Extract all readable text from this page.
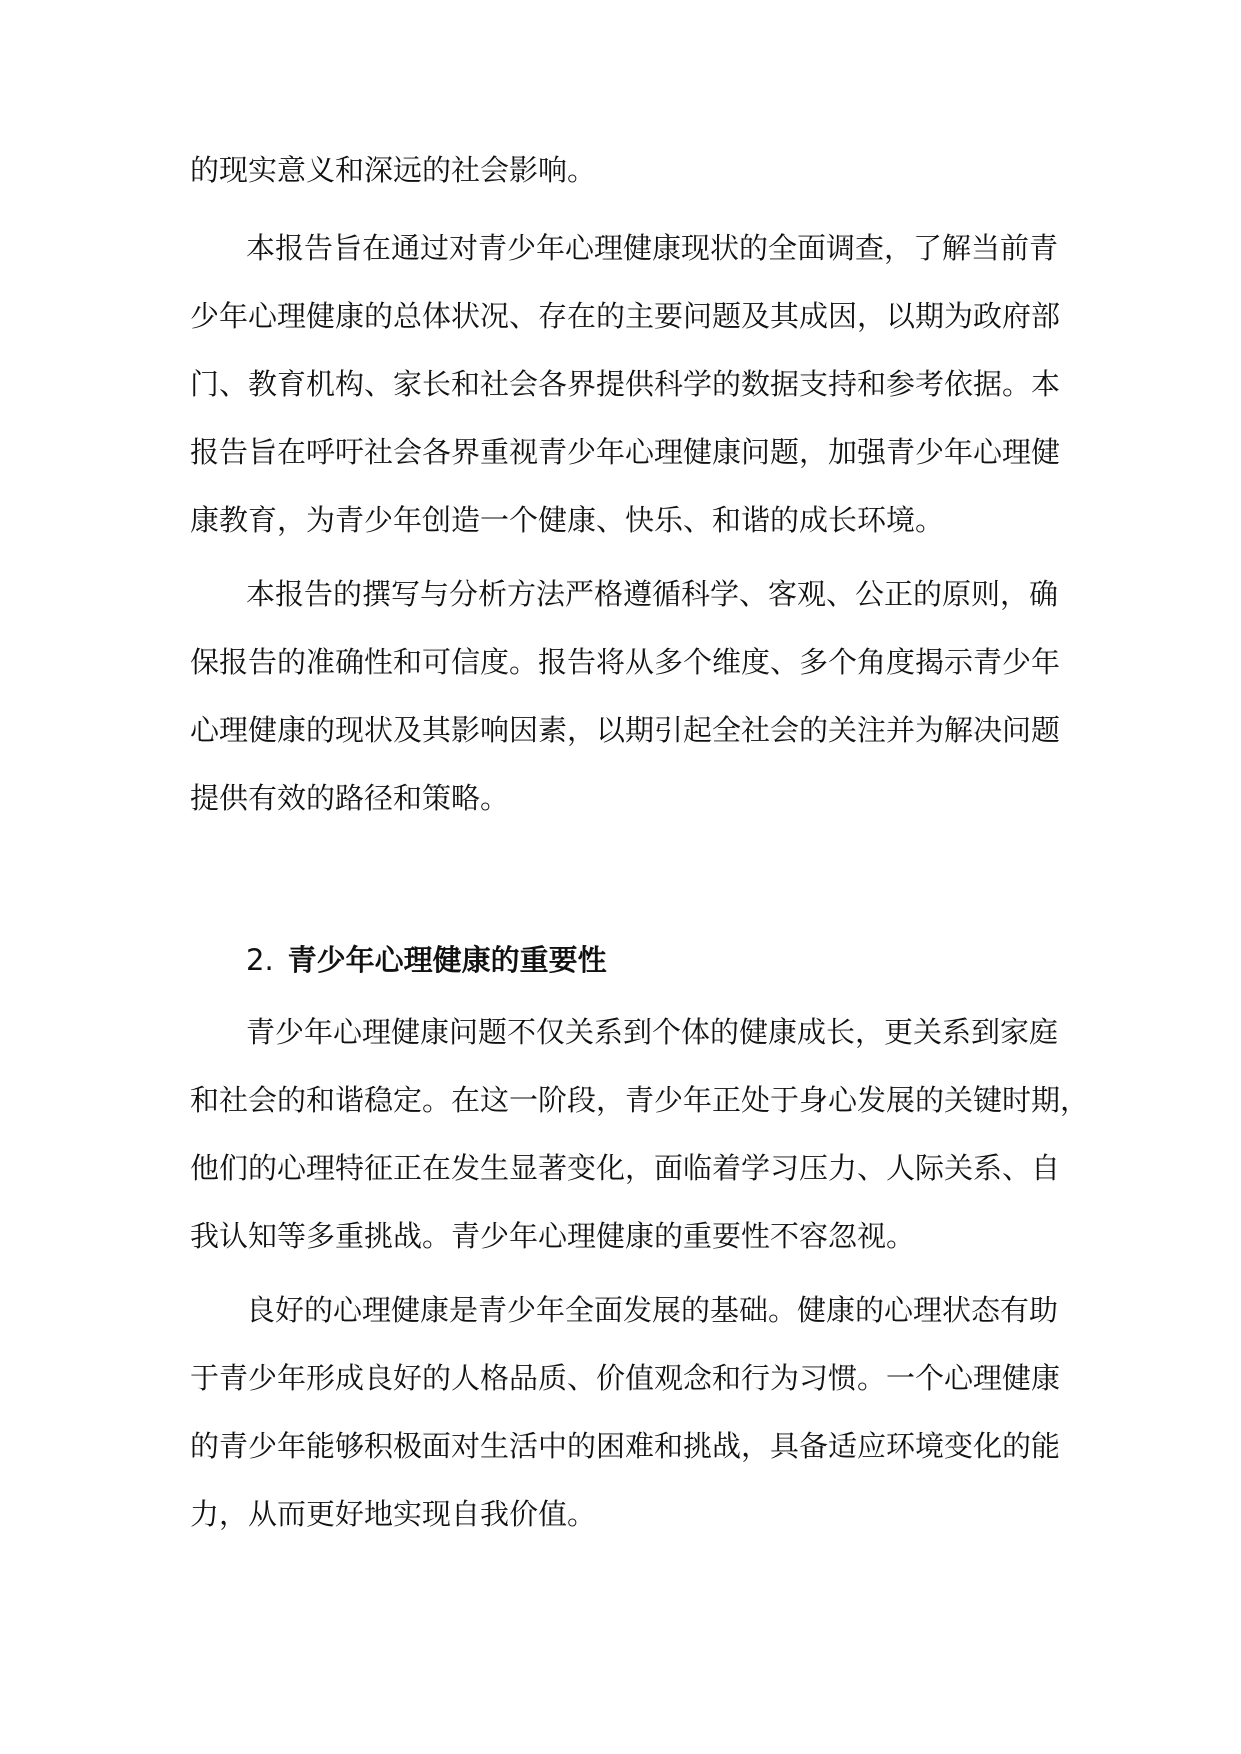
的现实意义和深远的社会影响。
本报告旨在通过对青少年心理健康现状的全面调查，了解当前青
少年心理健康的总体状况、存在的主要问题及其成因，以期为政府部
门、教育机构、家长和社会各界提供科学的数据支持和参考依据。本
报告旨在呼吁社会各界重视青少年心理健康问题，加强青少年心理健
康教育，为青少年创造一个健康、快乐、和谐的成长环境。
本报告的撰写与分析方法严格遵循科学、客观、公正的原则，确
保报告的准确性和可信度。报告将从多个维度、多个角度揭示青少年
心理健康的现状及其影响因素，以期引起全社会的关注并为解决问题
提供有效的路径和策略。
2. 青少年心理健康的重要性
青少年心理健康问题不仅关系到个体的健康成长，更关系到家庭
和社会的和谐稳定。在这一阶段，青少年正处于身心发展的关键时期，
他们的心理特征正在发生显著变化，面临着学习压力、人际关系、自
我认知等多重挑战。青少年心理健康的重要性不容忽视。
良好的心理健康是青少年全面发展的基础。健康的心理状态有助
于青少年形成良好的人格品质、价值观念和行为习惯。一个心理健康
的青少年能够积极面对生活中的困难和挑战，具备适应环境变化的能
力，从而更好地实现自我价值。
